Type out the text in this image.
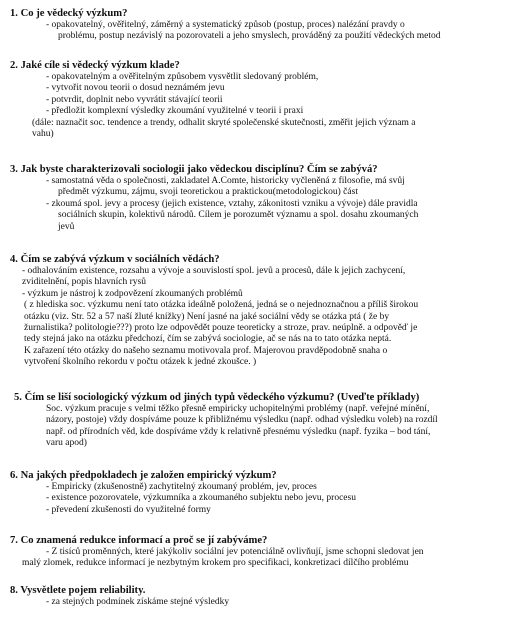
1. Co je vědecký výzkum?
- opakovatelný, ověřitelný, záměrný a systematický způsob (postup, proces) nalézání pravdy o
problému, postup nezávislý na pozorovateli a jeho smyslech, prováděný za použití vědeckých metod
2. Jaké cíle si vědecký výzkum klade?
- opakovatelným a ověřitelným způsobem vysvětlit sledovaný problém,
- vytvořit novou teorii o dosud neznámém jevu
- potvrdit, doplnit nebo vyvrátit stávající teorii
- předložit komplexní výsledky zkoumání využitelné v teorii i praxi
(dále: naznačit soc. tendence a trendy, odhalit skryté společenské skutečnosti, změřit jejich význam a
vahu)
3. Jak byste charakterizovali sociologii jako vědeckou disciplínu? Čím se zabývá?
- samostatná věda o společnosti, zakladatel A.Comte, historicky vyčleněná z filosofie, má svůj
předmět výzkumu, zájmu, svoji teoretickou a praktickou(metodologickou) část
- zkoumá spol. jevy a procesy (jejich existence, vztahy, zákonitosti vzniku a vývoje) dále pravidla
sociálních skupin, kolektivů národů. Cílem je porozumět významu a spol. dosahu zkoumaných
jevů
4. Čím se zabývá výzkum v sociálních vědách?
- odhalováním existence, rozsahu a vývoje a souvislostí spol. jevů a procesů, dále k jejich zachycení,
zviditelnění, popis hlavních rysů
- výzkum je nástroj k zodpovězení zkoumaných problémů
( z hlediska soc. výzkumu není tato otázka ideálně položená, jedná se o nejednoznačnou a příliš širokou
otázku (viz. Str. 52 a 57 naší žluté knížky) Není jasné na jaké sociální vědy se otázka ptá ( že by
žurnalistika? politologie???) proto lze odpovědět pouze teoreticky a stroze, prav. neúplně. a odpověď je
tedy stejná jako na otázku předchozí, čím se zabývá sociologie, ač se nás na to tato otázka neptá.
K zařazení této otázky do našeho seznamu motivovala prof. Majerovou pravděpodobně snaha o
vytvoření školního rekordu v počtu otázek k jedné zkoušce. )
5. Čím se liší sociologický výzkum od jiných typů vědeckého výzkumu? (Uveďte příklady)
Soc. výzkum pracuje s velmi těžko přesně empiricky uchopitelnými problémy (např. veřejné mínění,
názory, postoje) vždy dospíváme pouze k přibližnému výsledku (např. odhad výsledku voleb) na rozdíl
např. od přírodních věd, kde dospíváme vždy k relativně přesnému výsledku (např. fyzika – bod tání,
varu apod)
6. Na jakých předpokladech je založen empirický výzkum?
- Empiricky (zkušenostně) zachytitelný zkoumaný problém, jev, proces
- existence pozorovatele, výzkumníka a zkoumaného subjektu nebo jevu, procesu
- převedení zkušenosti do využitelné formy
7. Co znamená redukce informací a proč se jí zabýváme?
- Z tisíců proměnných, které jakýkoliv sociální jev potenciálně ovlivňují, jsme schopni sledovat jen
malý zlomek, redukce informací je nezbytným krokem pro specifikaci, konkretizaci dílčího problému
8. Vysvětlete pojem reliability.
- za stejných podmínek získáme stejné výsledky
